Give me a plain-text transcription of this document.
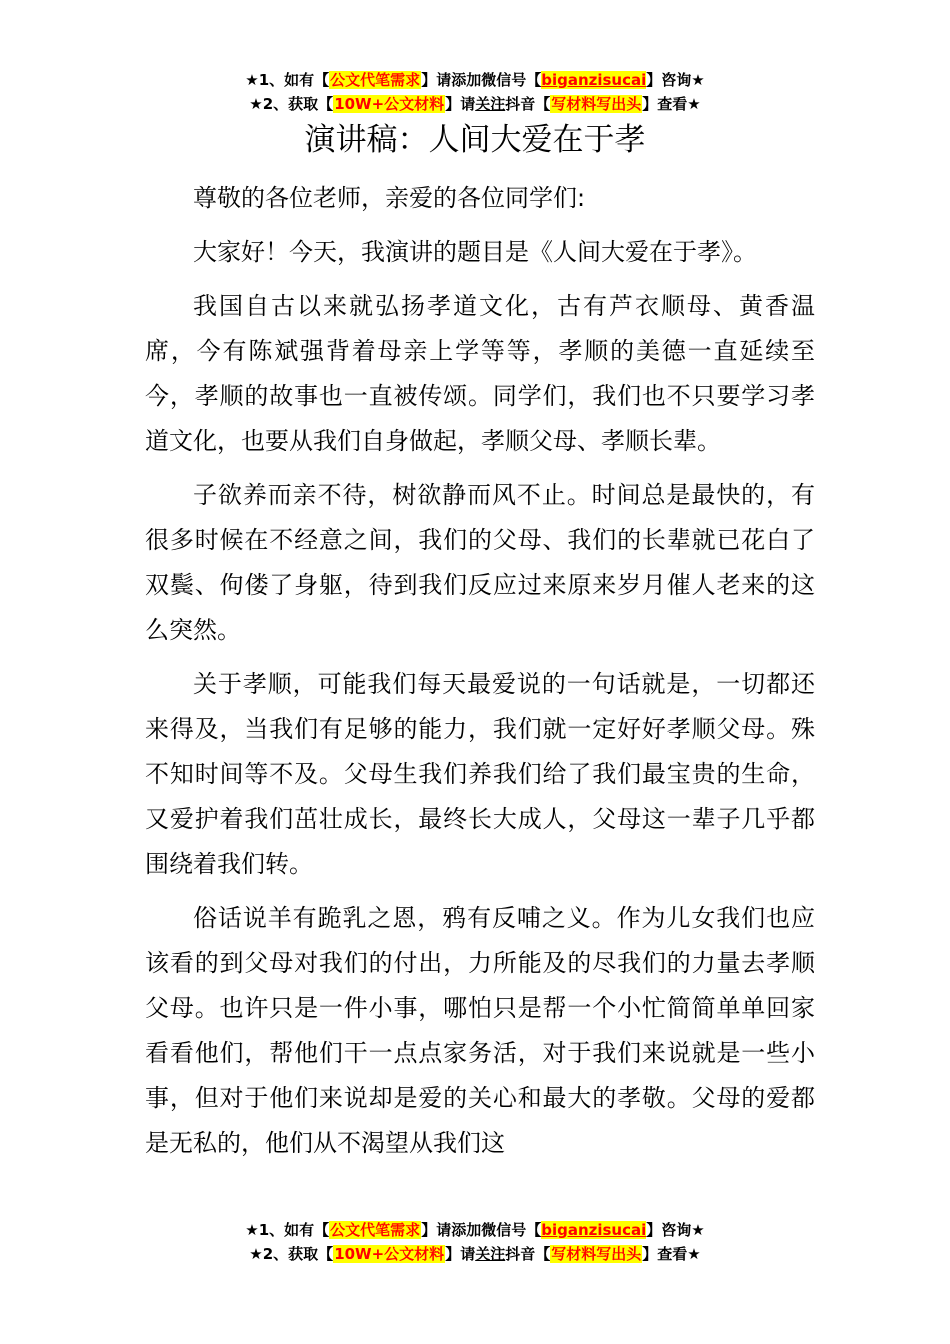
★1、如有【公文代笔需求】请添加微信号【biganzisucai】咨询★
★2、获取【10W+公文材料】请关注抖音【写材料写出头】查看★
演讲稿：人间大爱在于孝

尊敬的各位老师，亲爱的各位同学们:

大家好！今天，我演讲的题目是《人间大爱在于孝》。

我国自古以来就弘扬孝道文化，古有芦衣顺母、黄香温席，今有陈斌强背着母亲上学等等，孝顺的美德一直延续至今，孝顺的故事也一直被传颂。同学们，我们也不只要学习孝道文化，也要从我们自身做起，孝顺父母、孝顺长辈。

子欲养而亲不待，树欲静而风不止。时间总是最快的，有很多时候在不经意之间，我们的父母、我们的长辈就已花白了双鬓、佝偻了身躯，待到我们反应过来原来岁月催人老来的这么突然。

关于孝顺，可能我们每天最爱说的一句话就是，一切都还来得及，当我们有足够的能力，我们就一定好好孝顺父母。殊不知时间等不及。父母生我们养我们给了我们最宝贵的生命，又爱护着我们茁壮成长，最终长大成人，父母这一辈子几乎都围绕着我们转。

俗话说羊有跪乳之恩，鸦有反哺之义。作为儿女我们也应该看的到父母对我们的付出，力所能及的尽我们的力量去孝顺父母。也许只是一件小事，哪怕只是帮一个小忙简简单单回家看看他们，帮他们干一点点家务活，对于我们来说就是一些小事，但对于他们来说却是爱的关心和最大的孝敬。父母的爱都是无私的，他们从不渴望从我们这

★1、如有【公文代笔需求】请添加微信号【biganzisucai】咨询★
★2、获取【10W+公文材料】请关注抖音【写材料写出头】查看★
